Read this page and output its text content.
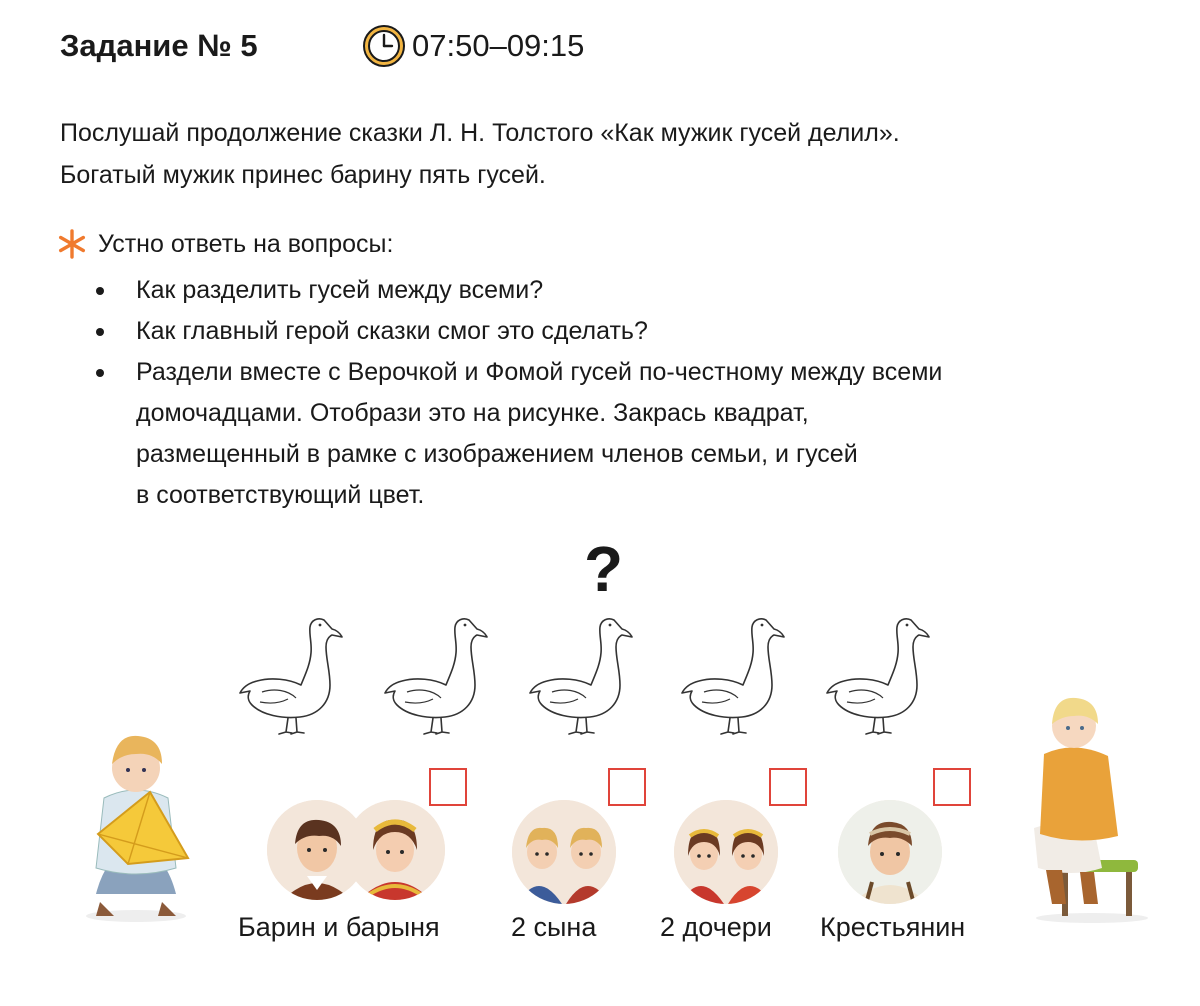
Задание № 5	07:50–09:15

Послушай продолжение сказки Л. Н. Толстого «Как мужик гусей делил».

Богатый мужик принес барину пять гусей.

Устно ответь на вопросы:
Как разделить гусей между всеми?
Как главный герой сказки смог это сделать?
Раздели вместе с Верочкой и Фомой гусей по-честному между всеми
домочадцами. Отобрази это на рисунке. Закрась квадрат,
размещенный в рамке с изображением членов семьи, и гусей
в соответствующий цвет.
?
Барин и барыня	2 сына 2 дочери Крестьянин
